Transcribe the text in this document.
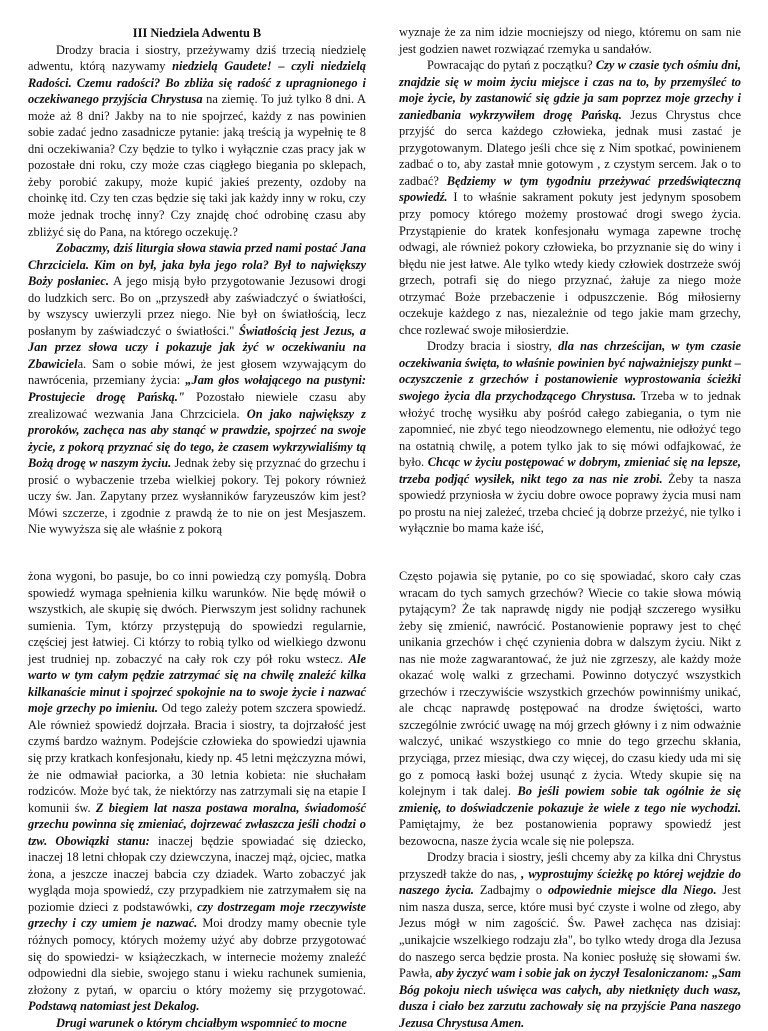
III Niedziela Adwentu B

Drodzy bracia i siostry, przeżywamy dziś trzecią niedzielę adwentu, którą nazywamy niedzielą Gaudete! – czyli niedzielą Radości. Czemu radości? Bo zbliża się radość z upragnionego i oczekiwanego przyjścia Chrystusa na ziemię. To już tylko 8 dni. A może aż 8 dni? Jakby na to nie spojrzeć, każdy z nas powinien sobie zadać jedno zasadnicze pytanie: jaką treścią ja wypełnię te 8 dni oczekiwania? Czy będzie to tylko i wyłącznie czas pracy jak w pozostałe dni roku, czy może czas ciągłego biegania po sklepach, żeby porobić zakupy, może kupić jakieś prezenty, ozdoby na choinkę itd. Czy ten czas będzie się taki jak każdy inny w roku, czy może jednak trochę inny? Czy znajdę choć odrobinę czasu aby zbliżyć się do Pana, na którego oczekuję.?

Zobaczmy, dziś liturgia słowa stawia przed nami postać Jana Chrzciciela. Kim on był, jaka była jego rola? Był to największy Boży posłaniec. A jego misją było przygotowanie Jezusowi drogi do ludzkich serc. Bo on „przyszedł aby zaświadczyć o światłości, by wszyscy uwierzyli przez niego. Nie był on światłością, lecz posłanym by zaświadczyć o światłości." Światłością jest Jezus, a Jan przez słowa uczy i pokazuje jak żyć w oczekiwaniu na Zbawiciela. Sam o sobie mówi, że jest głosem wzywającym do nawrócenia, przemiany życia: „Jam głos wołającego na pustyni: Prostujecie drogę Pańską." Pozostało niewiele czasu aby zrealizować wezwania Jana Chrzciciela. On jako największy z proroków, zachęca nas aby stanąć w prawdzie, spojrzeć na swoje życie, z pokorą przyznać się do tego, że czasem wykrzywialiśmy tą Bożą drogę w naszym życiu. Jednak żeby się przyznać do grzechu i prosić o wybaczenie trzeba wielkiej pokory. Tej pokory również uczy św. Jan. Zapytany przez wysłanników faryzeuszów kim jest? Mówi szczerze, i zgodnie z prawdą że to nie on jest Mesjaszem. Nie wywyższa się ale właśnie z pokorą

wyznaje że za nim idzie mocniejszy od niego, któremu on sam nie jest godzien nawet rozwiązać rzemyka u sandałów.

Powracając do pytań z początku? Czy w czasie tych ośmiu dni, znajdzie się w moim życiu miejsce i czas na to, by przemyśleć to moje życie, by zastanowić się gdzie ja sam poprzez moje grzechy i zaniedbania wykrzywiłem drogę Pańską. Jezus Chrystus chce przyjść do serca każdego człowieka, jednak musi zastać je przygotowanym. Dlatego jeśli chce się z Nim spotkać, powinienem zadbać o to, aby zastał mnie gotowym , z czystym sercem. Jak o to zadbać? Będziemy w tym tygodniu przeżywać przedświąteczną spowiedź. I to właśnie sakrament pokuty jest jedynym sposobem przy pomocy którego możemy prostować drogi swego życia. Przystąpienie do kratek konfesjonału wymaga zapewne trochę odwagi, ale również pokory człowieka, bo przyznanie się do winy i błędu nie jest łatwe. Ale tylko wtedy kiedy człowiek dostrzeże swój grzech, potrafi się do niego przyznać, żałuje za niego może otrzymać Boże przebaczenie i odpuszczenie. Bóg miłosierny oczekuje każdego z nas, niezależnie od tego jakie mam grzechy, chce rozlewać swoje miłosierdzie.

Drodzy bracia i siostry, dla nas chrześcijan, w tym czasie oczekiwania święta, to właśnie powinien być najważniejszy punkt – oczyszczenie z grzechów i postanowienie wyprostowania ścieżki swojego życia dla przychodzącego Chrystusa. Trzeba w to jednak włożyć trochę wysiłku aby pośród całego zabiegania, o tym nie zapomnieć, nie zbyć tego nieodzownego elementu, nie odłożyć tego na ostatnią chwilę, a potem tylko jak to się mówi odfajkować, że było. Chcąc w życiu postępować w dobrym, zmieniać się na lepsze, trzeba podjąć wysiłek, nikt tego za nas nie zrobi. Żeby ta nasza spowiedź przyniosła w życiu dobre owoce poprawy życia musi nam po prostu na niej zależeć, trzeba chcieć ją dobrze przeżyć, nie tylko i wyłącznie bo mama każe iść,

żona wygoni, bo pasuje, bo co inni powiedzą czy pomyślą. Dobra spowiedź wymaga spełnienia kilku warunków. Nie będę mówił o wszystkich, ale skupię się dwóch. Pierwszym jest solidny rachunek sumienia. Tym, którzy przystępują do spowiedzi regularnie, częściej jest łatwiej. Ci którzy to robią tylko od wielkiego dzwonu jest trudniej np. zobaczyć na cały rok czy pół roku wstecz. Ale warto w tym całym pędzie zatrzymać się na chwilę znaleźć kilka kilkanaście minut i spojrzeć spokojnie na to swoje życie i nazwać moje grzechy po imieniu. Od tego zależy potem szczera spowiedź. Ale również spowiedź dojrzała. Bracia i siostry, ta dojrzałość jest czymś bardzo ważnym. Podejście człowieka do spowiedzi ujawnia się przy kratkach konfesjonału, kiedy np. 45 letni mężczyzna mówi, że nie odmawiał paciorka, a 30 letnia kobieta: nie słuchałam rodziców. Może być tak, że niektórzy nas zatrzymali się na etapie I komunii św. Z biegiem lat nasza postawa moralna, świadomość grzechu powinna się zmieniać, dojrzewać zwłaszcza jeśli chodzi o tzw. Obowiązki stanu: inaczej będzie spowiadać się dziecko, inaczej 18 letni chłopak czy dziewczyna, inaczej mąż, ojciec, matka żona, a jeszcze inaczej babcia czy dziadek. Warto zobaczyć jak wygląda moja spowiedź, czy przypadkiem nie zatrzymałem się na poziomie dzieci z podstawówki, czy dostrzegam moje rzeczywiste grzechy i czy umiem je nazwać. Moi drodzy mamy obecnie tyle różnych pomocy, których możemy użyć aby dobrze przygotować się do spowiedzi- w książeczkach, w internecie możemy znaleźć odpowiedni dla siebie, swojego stanu i wieku rachunek sumienia, złożony z pytań, w oparciu o który możemy się przygotować. Podstawą natomiast jest Dekalog.

Drugi warunek o którym chciałbym wspomnieć to mocne

Często pojawia się pytanie, po co się spowiadać, skoro cały czas wracam do tych samych grzechów? Wiecie co takie słowa mówią pytającym? Że tak naprawdę nigdy nie podjął szczerego wysiłku żeby się zmienić, nawrócić. Postanowienie poprawy jest to chęć unikania grzechów i chęć czynienia dobra w dalszym życiu. Nikt z nas nie może zagwarantować, że już nie zgrzeszy, ale każdy może okazać wolę walki z grzechami. Powinno dotyczyć wszystkich grzechów i rzeczywiście wszystkich grzechów powinniśmy unikać, ale chcąc naprawdę postępować na drodze świętości, warto szczególnie zwrócić uwagę na mój grzech główny i z nim odważnie walczyć, unikać wszystkiego co mnie do tego grzechu skłania, przyciąga, przez miesiąc, dwa czy więcej, do czasu kiedy uda mi się go z pomocą łaski bożej usunąć z życia. Wtedy skupie się na kolejnym i tak dalej. Bo jeśli powiem sobie tak ogólnie że się zmienię, to doświadczenie pokazuje że wiele z tego nie wychodzi. Pamiętajmy, że bez postanowienia poprawy spowiedź jest bezowocna, nasze życia wcale się nie polepsza.

Drodzy bracia i siostry, jeśli chcemy aby za kilka dni Chrystus przyszedł także do nas, , wyprostujmy ścieżkę po której wejdzie do naszego życia. Zadbajmy o odpowiednie miejsce dla Niego. Jest nim nasza dusza, serce, które musi być czyste i wolne od złego, aby Jezus mógł w nim zagościć. Św. Paweł zachęca nas dzisiaj: „unikajcie wszelkiego rodzaju zła", bo tylko wtedy droga dla Jezusa do naszego serca będzie prosta. Na koniec posłużę się słowami św. Pawła, aby życzyć wam i sobie jak on życzył Tesaloniczanom: „Sam Bóg pokoju niech uświęca was całych, aby nietknięty duch wasz, dusza i ciało bez zarzutu zachowały się na przyjście Pana naszego Jezusa Chrystusa Amen.
